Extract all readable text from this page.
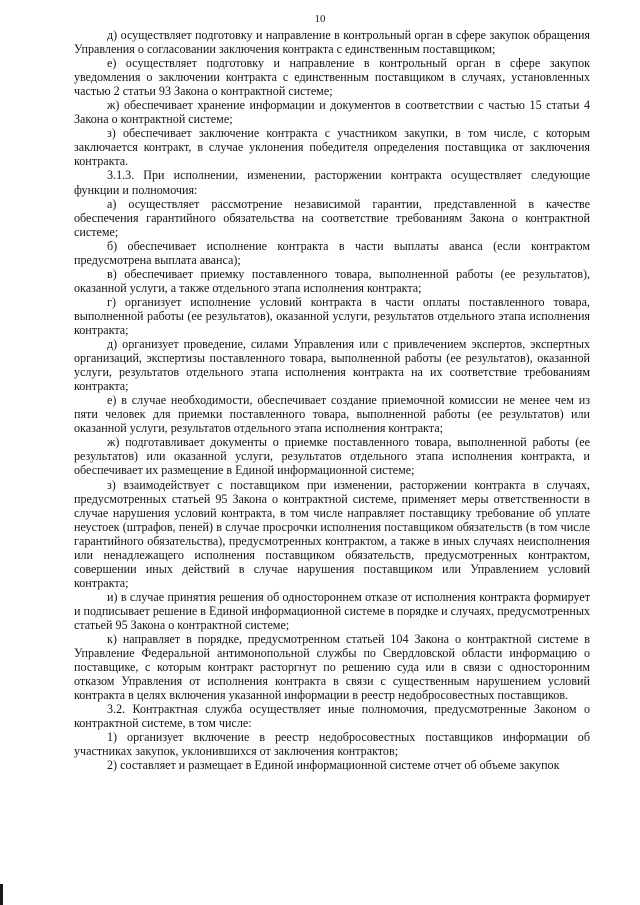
10

д) осуществляет подготовку и направление в контрольный орган в сфере закупок обращения Управления о согласовании заключения контракта с единственным поставщиком;

е) осуществляет подготовку и направление в контрольный орган в сфере закупок уведомления о заключении контракта с единственным поставщиком в случаях, установленных частью 2 статьи 93 Закона о контрактной системе;

ж) обеспечивает хранение информации и документов в соответствии с частью 15 статьи 4 Закона о контрактной системе;

з) обеспечивает заключение контракта с участником закупки, в том числе, с которым заключается контракт, в случае уклонения победителя определения поставщика от заключения контракта.

3.1.3. При исполнении, изменении, расторжении контракта осуществляет следующие функции и полномочия:

а) осуществляет рассмотрение независимой гарантии, представленной в качестве обеспечения гарантийного обязательства на соответствие требованиям Закона о контрактной системе;

б) обеспечивает исполнение контракта в части выплаты аванса (если контрактом предусмотрена выплата аванса);

в) обеспечивает приемку поставленного товара, выполненной работы (ее результатов), оказанной услуги, а также отдельного этапа исполнения контракта;

г) организует исполнение условий контракта в части оплаты поставленного товара, выполненной работы (ее результатов), оказанной услуги, результатов отдельного этапа исполнения контракта;

д) организует проведение, силами Управления или с привлечением экспертов, экспертных организаций, экспертизы поставленного товара, выполненной работы (ее результатов), оказанной услуги, результатов отдельного этапа исполнения контракта на их соответствие требованиям контракта;

е) в случае необходимости, обеспечивает создание приемочной комиссии не менее чем из пяти человек для приемки поставленного товара, выполненной работы (ее результатов) или оказанной услуги, результатов отдельного этапа исполнения контракта;

ж) подготавливает документы о приемке поставленного товара, выполненной работы (ее результатов) или оказанной услуги, результатов отдельного этапа исполнения контракта, и обеспечивает их размещение в Единой информационной системе;

з) взаимодействует с поставщиком при изменении, расторжении контракта в случаях, предусмотренных статьей 95 Закона о контрактной системе, применяет меры ответственности в случае нарушения условий контракта, в том числе направляет поставщику требование об уплате неустоек (штрафов, пеней) в случае просрочки исполнения поставщиком обязательств (в том числе гарантийного обязательства), предусмотренных контрактом, а также в иных случаях неисполнения или ненадлежащего исполнения поставщиком обязательств, предусмотренных контрактом, совершении иных действий в случае нарушения поставщиком или Управлением условий контракта;

и) в случае принятия решения об одностороннем отказе от исполнения контракта формирует и подписывает решение в Единой информационной системе в порядке и случаях, предусмотренных статьей 95 Закона о контрактной системе;

к) направляет в порядке, предусмотренном статьей 104 Закона о контрактной системе в Управление Федеральной антимонопольной службы по Свердловской области информацию о поставщике, с которым контракт расторгнут по решению суда или в связи с односторонним отказом Управления от исполнения контракта в связи с существенным нарушением условий контракта в целях включения указанной информации в реестр недобросовестных поставщиков.

3.2. Контрактная служба осуществляет иные полномочия, предусмотренные Законом о контрактной системе, в том числе:

1) организует включение в реестр недобросовестных поставщиков информации об участниках закупок, уклонившихся от заключения контрактов;

2) составляет и размещает в Единой информационной системе отчет об объеме закупок
